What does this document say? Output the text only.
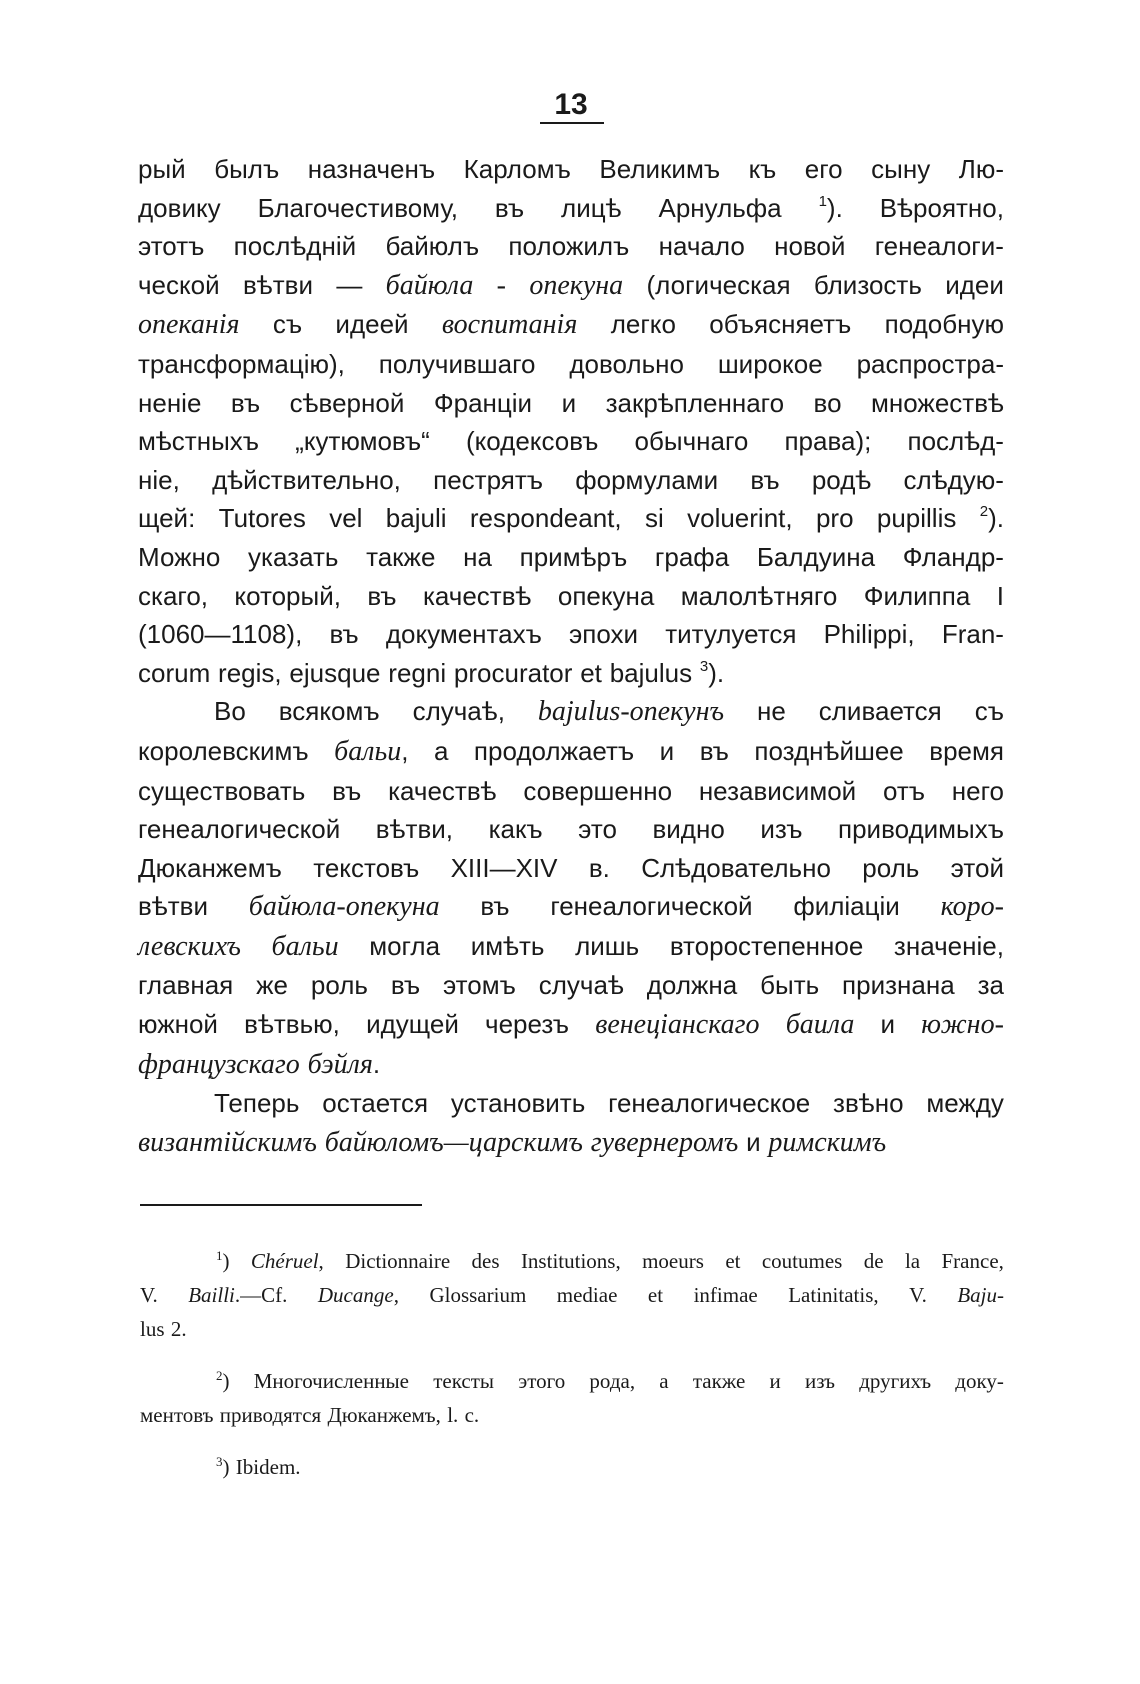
13
рый былъ назначенъ Карломъ Великимъ къ его сыну Лю-
довику Благочестивому, въ лицѣ Арнульфа $^1$). Вѣроятно,
этотъ послѣднiй байюлъ положилъ начало новой генеалоги-
ческой вѣтви — байюла - опекуна (логическая близость идеи
опеканiя съ идеей воспитанiя легко объясняетъ подобную
трансформацiю), получившаго довольно широкое распростра-
ненiе въ сѣверной Францiи и закрѣпленнаго во множествѣ
мѣстныхъ „кутюмовъ“ (кодексовъ обычнаго права); послѣд-
нiе, дѣйствительно, пестрятъ формулами въ родѣ слѣдую-
щей: Tutores vel bajuli respondeant, si voluerint, pro pupillis $^2$).
Можно указать также на примѣръ графа Балдуина Фландр-
скаго, который, въ качествѣ опекуна малолѣтняго Филиппа I
(1060—1108), въ документахъ эпохи титулуется Philippi, Fran-
corum regis, ejusque regni procurator et bajulus $^3$).
Во всякомъ случаѣ, bajulus-опекунъ не сливается съ
королевскимъ бальи, а продолжаетъ и въ позднѣйшее время
существовать въ качествѣ совершенно независимой отъ него
генеалогической вѣтви, какъ это видно изъ приводимыхъ
Дюканжемъ текстовъ XIII—XIV в. Слѣдовательно роль этой
вѣтви байюла-опекуна въ генеалогической филiацiи коро-
левскихъ бальи могла имѣть лишь второстепенное значенiе,
главная же роль въ этомъ случаѣ должна быть признана за
южной вѣтвью, идущей черезъ венецiанскаго баила и южно-
французскаго бэйля.
Теперь остается установить генеалогическое звѣно между
византiйскимъ байюломъ—царскимъ гувернеромъ и римскимъ
$^1$) Chéruel, Dictionnaire des Institutions, moeurs et coutumes de la France,
V. Bailli.—Cf. Ducange, Glossarium mediae et infimae Latinitatis, V. Baju-
lus 2.
$^2$) Многочисленные тексты этого рода, а также и изъ другихъ доку-
ментовъ приводятся Дюканжемъ, l. c.
$^3$) Ibidem.
